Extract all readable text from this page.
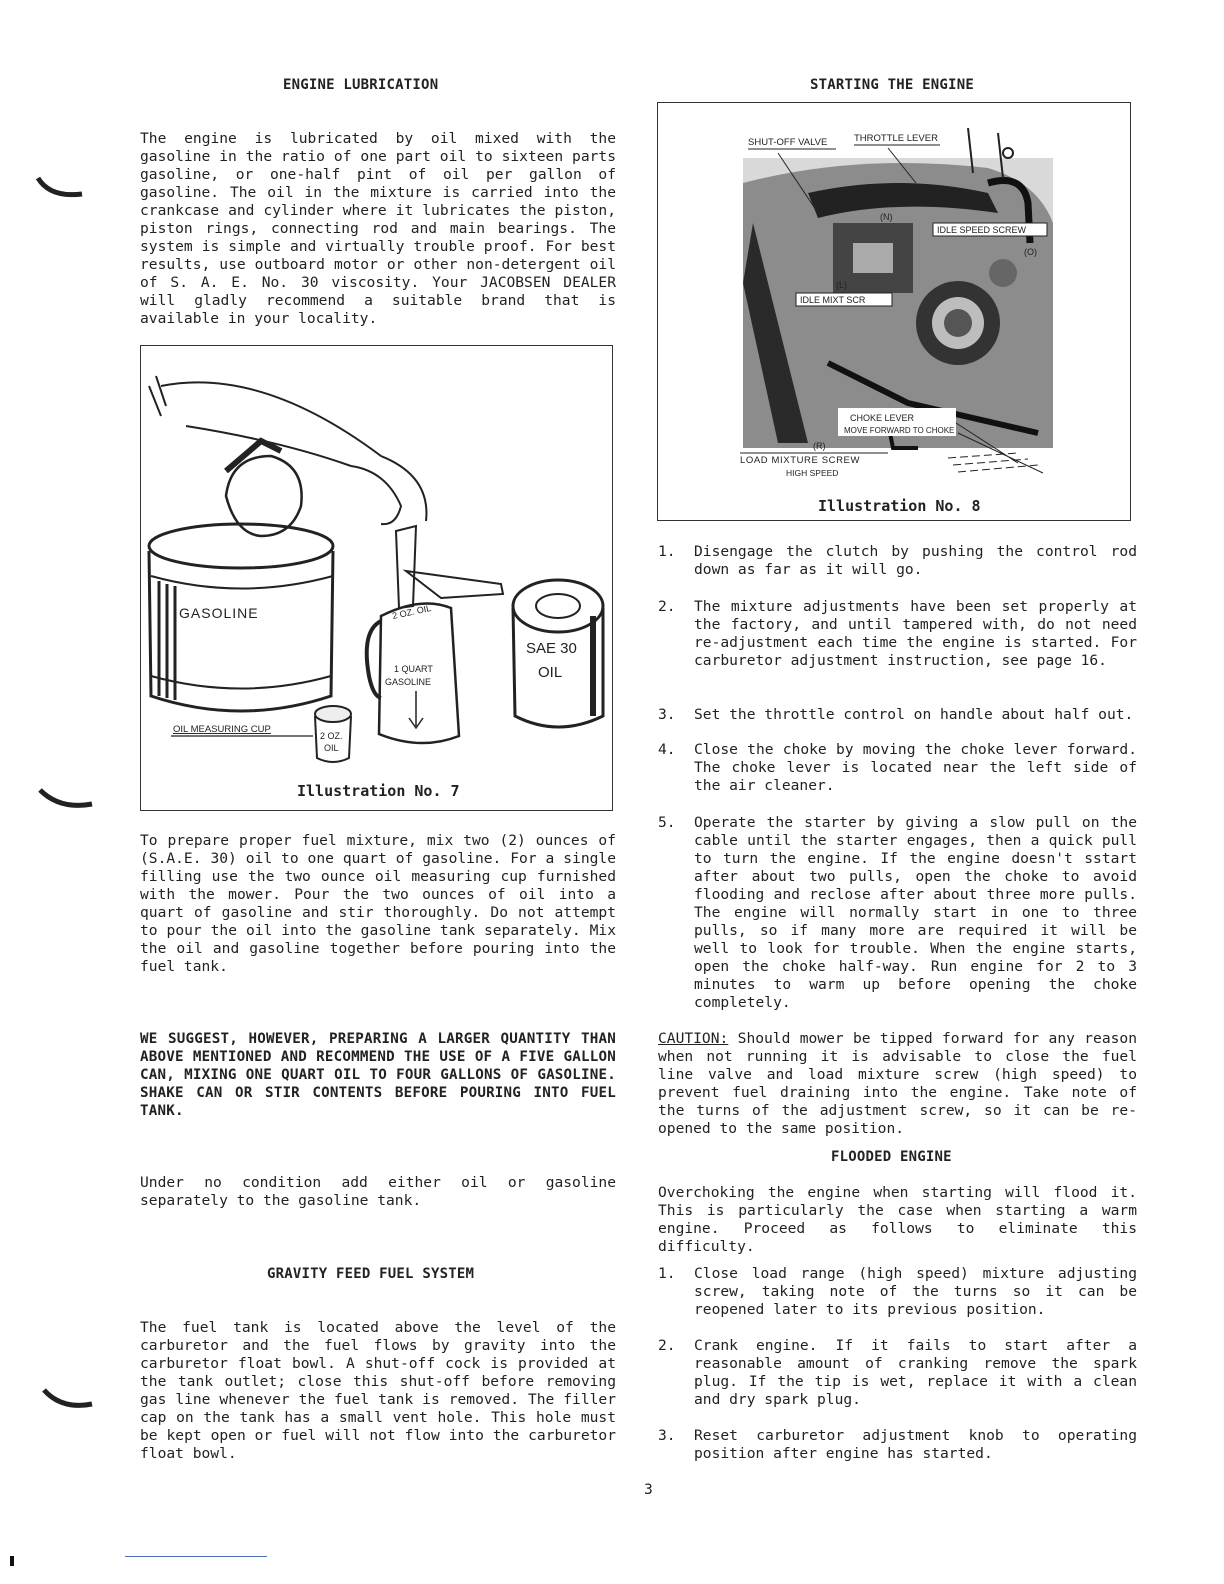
ENGINE LUBRICATION
The engine is lubricated by oil mixed with the gasoline in the ratio of one part oil to sixteen parts gasoline, or one-half pint of oil per gallon of gasoline. The oil in the mixture is carried into the crankcase and cylinder where it lubricates the piston, piston rings, connecting rod and main bearings. The system is simple and virtually trouble proof. For best results, use outboard motor or other non-detergent oil of S. A. E. No. 30 viscosity. Your JACOBSEN DEALER will gladly recommend a suitable brand that is available in your locality.
GASOLINE	2 OZ. OIL
1 QUART
GASOLINE
SAE 30
OIL
2 OZ.
OIL
OIL MEASURING CUP
Illustration No. 7
To prepare proper fuel mixture, mix two (2) ounces of (S.A.E. 30) oil to one quart of gasoline. For a single filling use the two ounce oil measuring cup furnished with the mower. Pour the two ounces of oil into a quart of gasoline and stir thoroughly. Do not attempt to pour the oil into the gasoline tank separately. Mix the oil and gasoline together before pouring into the fuel tank.
WE SUGGEST, HOWEVER, PREPARING A LARGER QUANTITY THAN ABOVE MENTIONED AND RECOMMEND THE USE OF A FIVE GALLON CAN, MIXING ONE QUART OIL TO FOUR GALLONS OF GASOLINE. SHAKE CAN OR STIR CONTENTS BEFORE POURING INTO FUEL TANK.
Under no condition add either oil or gasoline separately to the gasoline tank.
GRAVITY FEED FUEL SYSTEM
The fuel tank is located above the level of the carburetor and the fuel flows by gravity into the carburetor float bowl. A shut-off cock is provided at the tank outlet; close this shut-off before removing gas line whenever the fuel tank is removed. The filler cap on the tank has a small vent hole. This hole must be kept open or fuel will not flow into the carburetor float bowl.
STARTING THE ENGINE
SHUT-OFF VALVE	THROTTLE LEVER
IDLE SPEED SCREW
IDLE MIXT SCR
(N)
(O)
(L)
CHOKE LEVER
MOVE FORWARD TO CHOKE
(R)
LOAD MIXTURE SCREW
HIGH SPEED
Illustration No. 8
1.	Disengage the clutch by pushing the control rod down as far as it will go.
2.	The mixture adjustments have been set properly at the factory, and until tampered with, do not need re-adjustment each time the engine is started. For carburetor adjustment instruction, see page 16.
3.	Set the throttle control on handle about half out.
4.	Close the choke by moving the choke lever forward. The choke lever is located near the left side of the air cleaner.
5.	Operate the starter by giving a slow pull on the cable until the starter engages, then a quick pull to turn the engine. If the engine doesn't sstart after about two pulls, open the choke to avoid flooding and reclose after about three more pulls. The engine will normally start in one to three pulls, so if many more are required it will be well to look for trouble. When the engine starts, open the choke half-way. Run engine for 2 to 3 minutes to warm up before opening the choke completely.
CAUTION: Should mower be tipped forward for any reason when not running it is advisable to close the fuel line valve and load mixture screw (high speed) to prevent fuel draining into the engine. Take note of the turns of the adjustment screw, so it can be re-opened to the same position.
FLOODED ENGINE
Overchoking the engine when starting will flood it. This is particularly the case when starting a warm engine. Proceed as follows to eliminate this difficulty.
1.	Close load range (high speed) mixture adjusting screw, taking note of the turns so it can be reopened later to its previous position.
2.	Crank engine. If it fails to start after a reasonable amount of cranking remove the spark plug. If the tip is wet, replace it with a clean and dry spark plug.
3.	Reset carburetor adjustment knob to operating position after engine has started.
3
